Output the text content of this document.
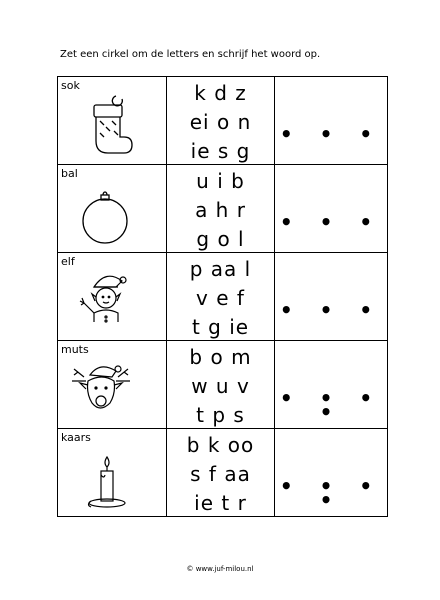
Zet een cirkel om de letters en schrijf het woord op.
sok	k d z
ei o n
ie s g	• • •

bal	u i b
a h r
g o l	• • •

elf	p aa l
v e f
t g ie	• • •

muts	b o m
w u v
t p s	• • • •

kaars	b k oo
s f aa
ie t r	• • • •
© www.juf-milou.nl
